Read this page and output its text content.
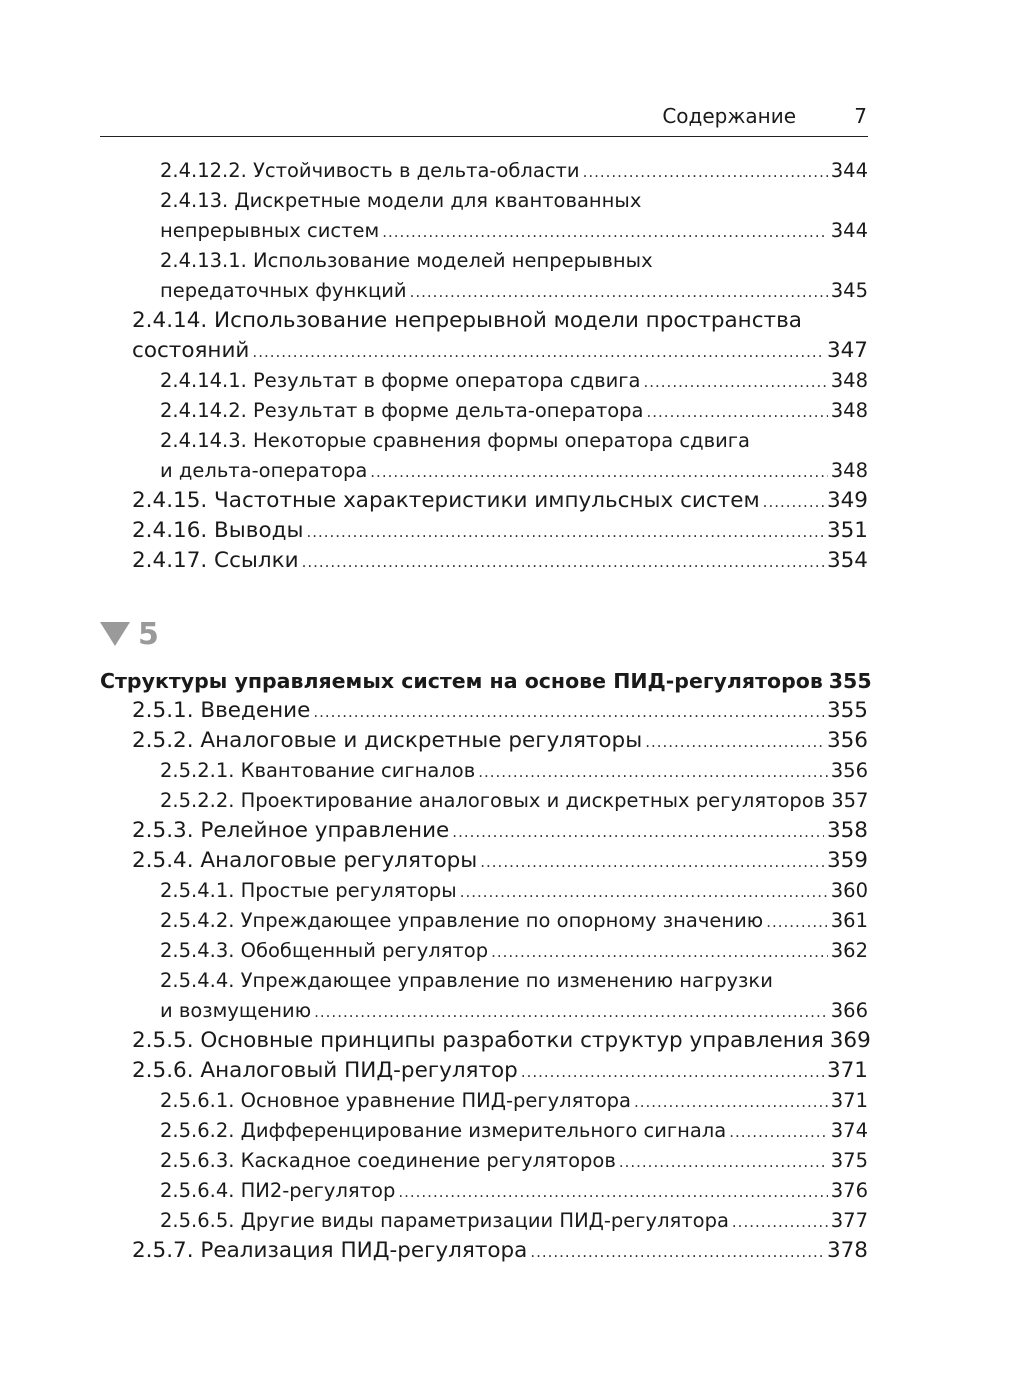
Содержание	7
2.4.12.2. Устойчивость в дельта-области .....	344
2.4.13. Дискретные модели для квантованных
непрерывных систем .....	344
2.4.13.1. Использование моделей непрерывных
передаточных функций .....	345
2.4.14. Использование непрерывной модели пространства
состояний .....	347
2.4.14.1. Результат в форме оператора сдвига .....	348
2.4.14.2. Результат в форме дельта-оператора .....	348
2.4.14.3. Некоторые сравнения формы оператора сдвига
и дельта-оператора .....	348
2.4.15. Частотные характеристики импульсных систем .....	349
2.4.16. Выводы .....	351
2.4.17. Ссылки .....	354
5
Структуры управляемых систем на основе ПИД-регуляторов 355
2.5.1. Введение .....	355
2.5.2. Аналоговые и дискретные регуляторы .....	356
2.5.2.1. Квантование сигналов .....	356
2.5.2.2. Проектирование аналоговых и дискретных регуляторов 357
2.5.3. Релейное управление .....	358
2.5.4. Аналоговые регуляторы .....	359
2.5.4.1. Простые регуляторы .....	360
2.5.4.2. Упреждающее управление по опорному значению .....	361
2.5.4.3. Обобщенный регулятор .....	362
2.5.4.4. Упреждающее управление по изменению нагрузки
и возмущению .....	366
2.5.5. Основные принципы разработки структур управления 369
2.5.6. Аналоговый ПИД-регулятор .....	371
2.5.6.1. Основное уравнение ПИД-регулятора .....	371
2.5.6.2. Дифференцирование измерительного сигнала .....	374
2.5.6.3. Каскадное соединение регуляторов .....	375
2.5.6.4. ПИ2-регулятор .....	376
2.5.6.5. Другие виды параметризации ПИД-регулятора .....	377
2.5.7. Реализация ПИД-регулятора .....	378
